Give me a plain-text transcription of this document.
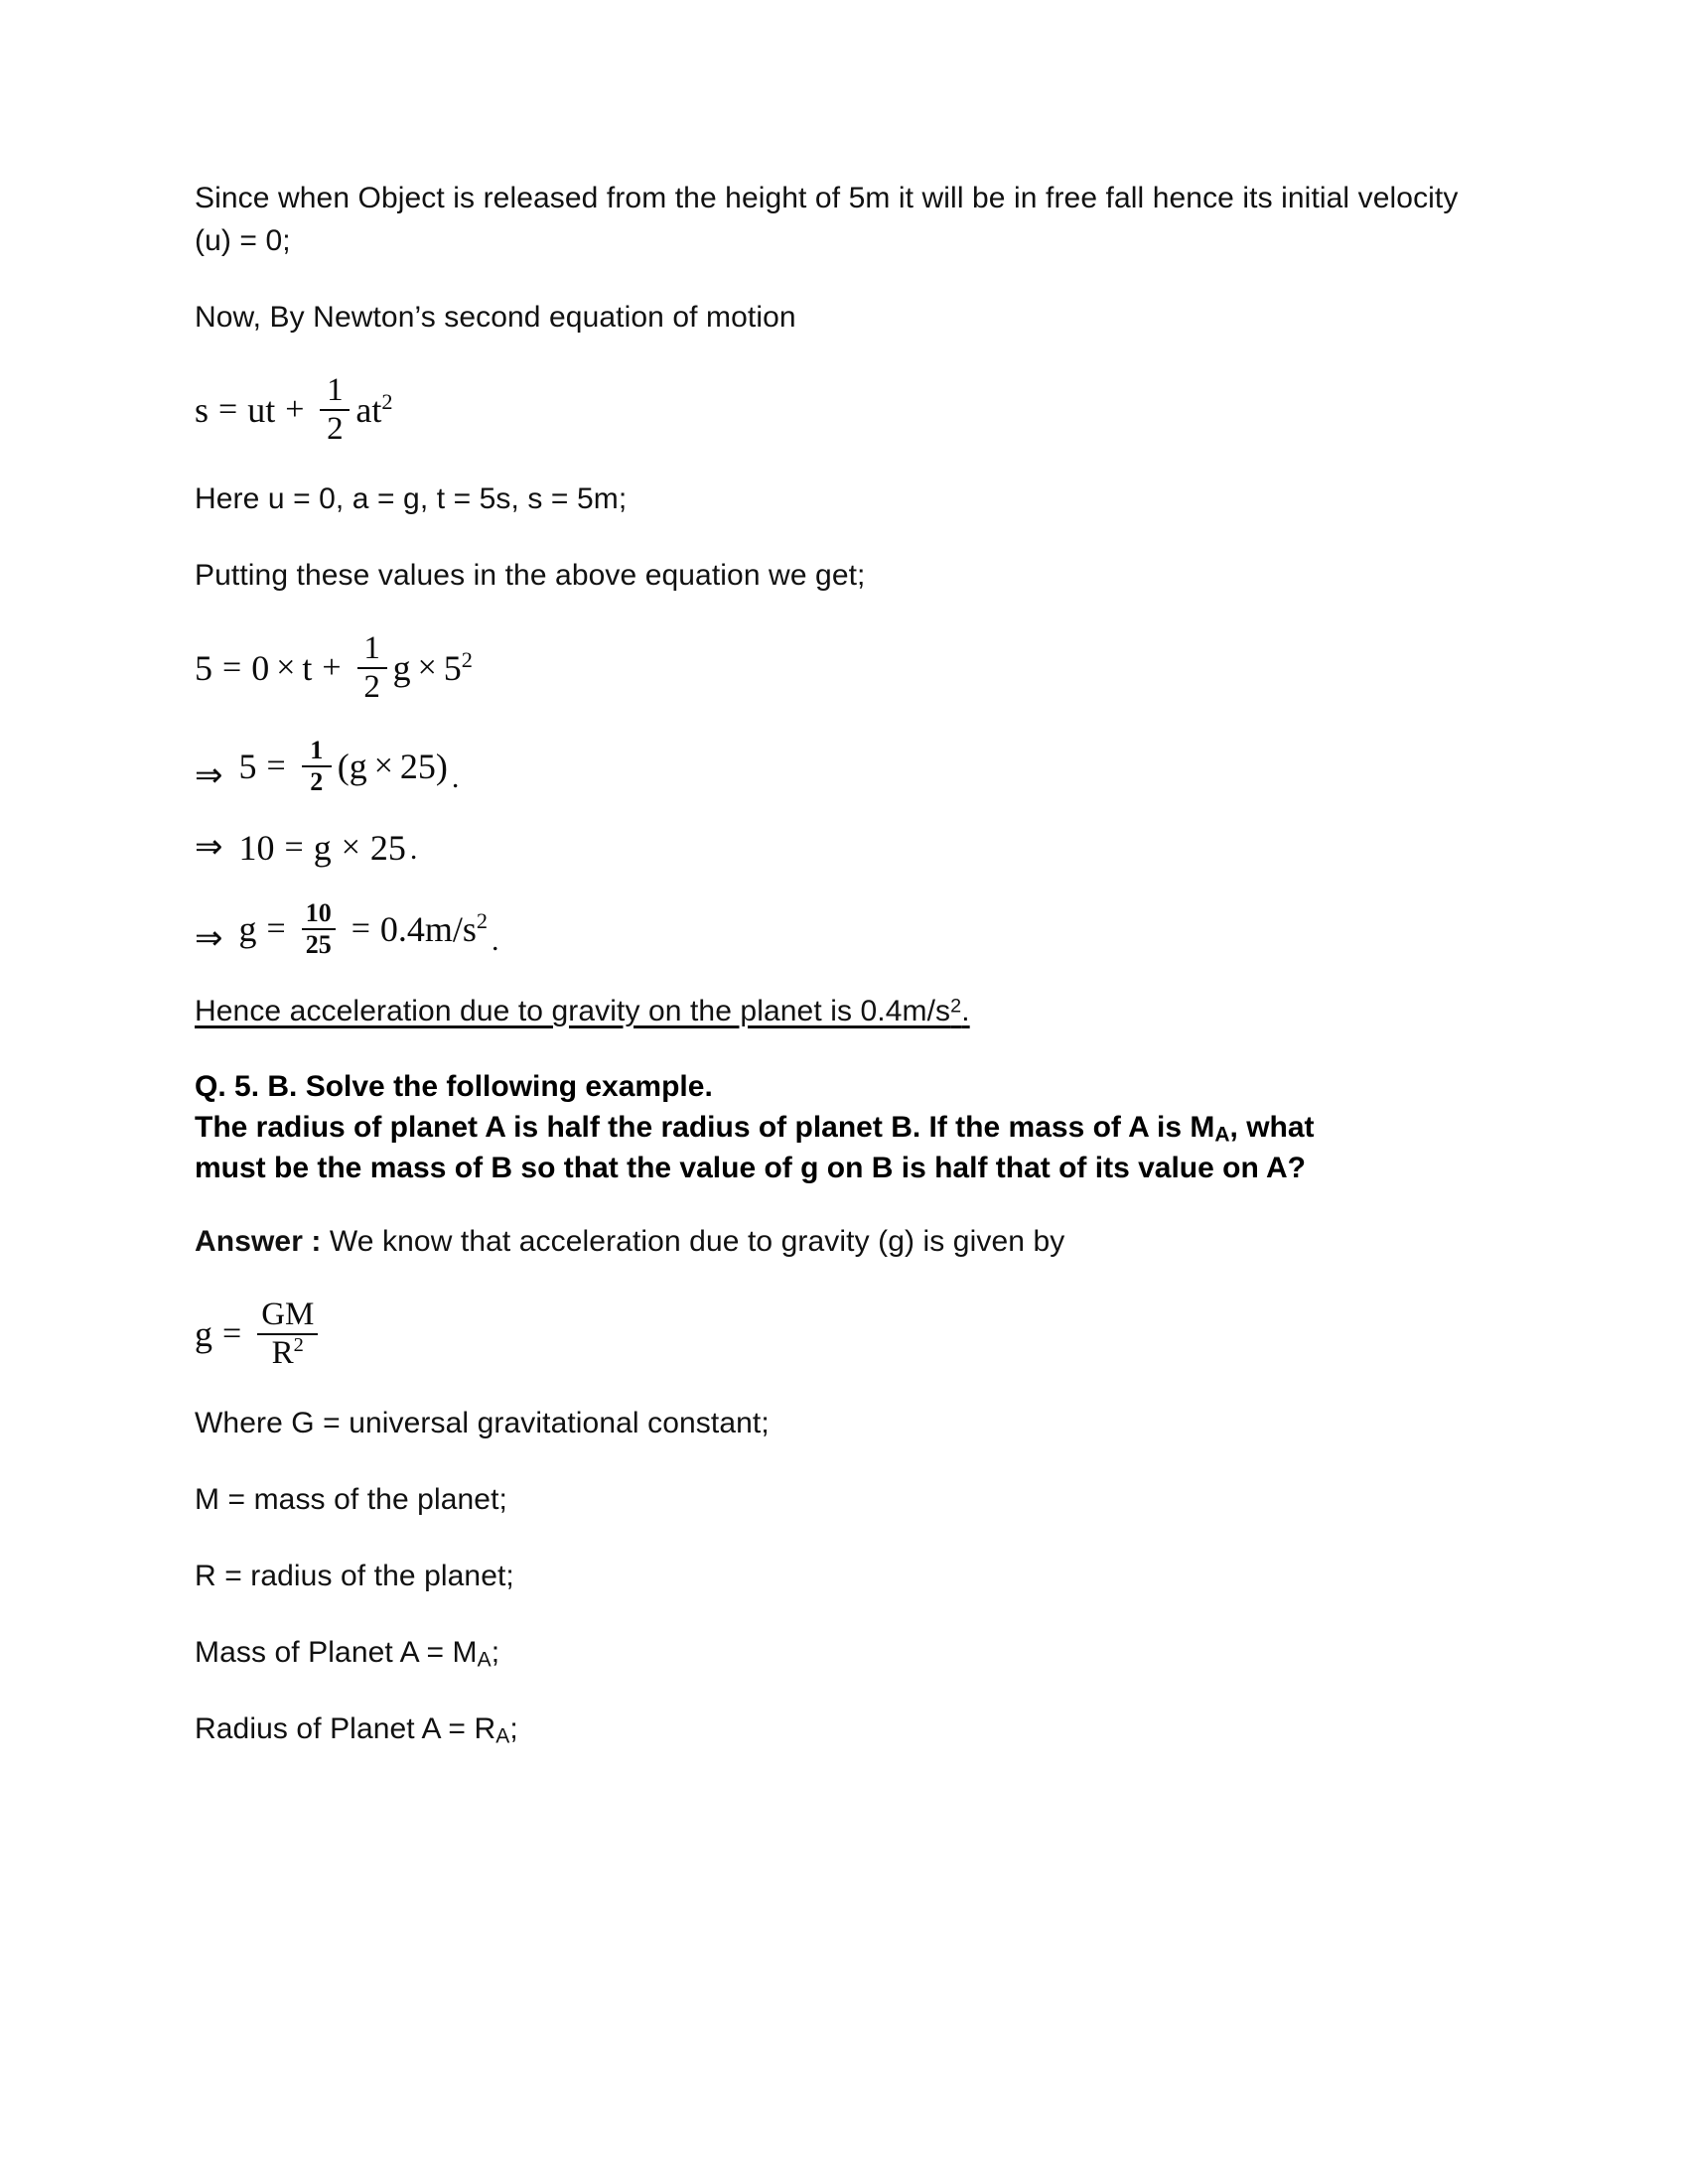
Since when Object is released from the height of 5m it will be in free fall hence its initial velocity (u) = 0;

Now, By Newton’s second equation of motion

s = ut + $\frac{1}{2} at^2$

Here u = 0, a = g, t = 5s, s = 5m;

Putting these values in the above equation we get;

$5 = 0 \times t + \frac{1}{2}$ $g \times 5^2$
⇒ $5 = \frac{1}{2}$ ( g × 25 ) .
⇒ 10 = g × 25 .
⇒ $g = \frac{10}{25} = 0.4m/s^2$
.

Hence acceleration due to gravity on the planet is $0.4m/s^2$.

Q. 5. B. Solve the following example.
The radius of planet A is half the radius of planet B. If the mass of A is $M_A$, what
must be the mass of B so that the value of g on B is half that of its value on A?

Answer : We know that acceleration due to gravity (g) is given by

$g = \frac{GM}{R^2}$

Where G = universal gravitational constant;

M = mass of the planet;

R = radius of the planet;

Mass of Planet $A = M_A$;

Radius of Planet $A = R_A$;
